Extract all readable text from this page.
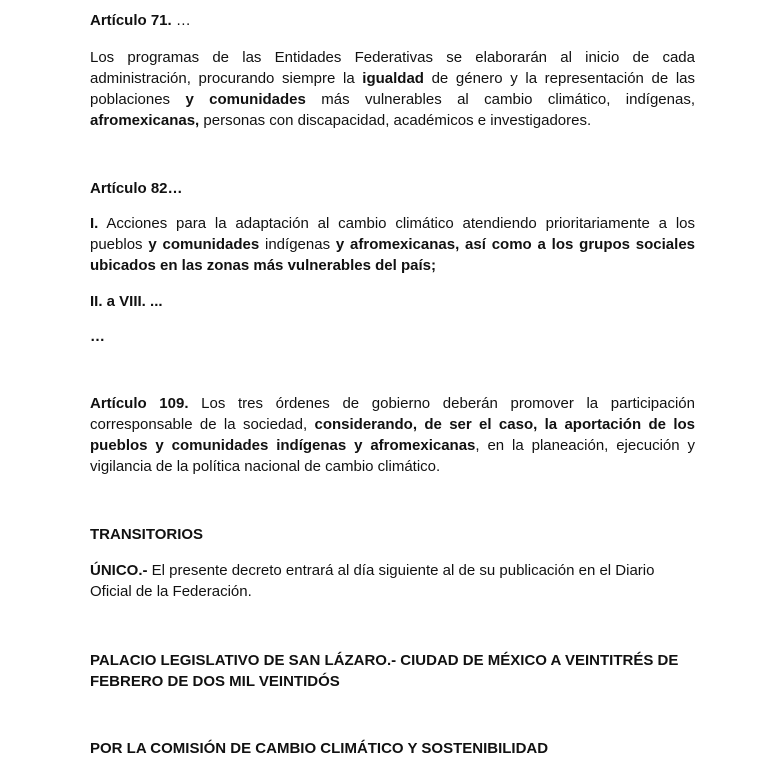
Artículo 71. …

Los programas de las Entidades Federativas se elaborarán al inicio de cada administración, procurando siempre la igualdad de género y la representación de las poblaciones y comunidades más vulnerables al cambio climático, indígenas, afromexicanas, personas con discapacidad, académicos e investigadores.

Artículo 82…

I. Acciones para la adaptación al cambio climático atendiendo prioritariamente a los pueblos y comunidades indígenas y afromexicanas, así como a los grupos sociales ubicados en las zonas más vulnerables del país;

II. a VIII. ...

…

Artículo 109. Los tres órdenes de gobierno deberán promover la participación corresponsable de la sociedad, considerando, de ser el caso, la aportación de los pueblos y comunidades indígenas y afromexicanas, en la planeación, ejecución y vigilancia de la política nacional de cambio climático.

TRANSITORIOS

ÚNICO.- El presente decreto entrará al día siguiente al de su publicación en el Diario Oficial de la Federación.

PALACIO LEGISLATIVO DE SAN LÁZARO.- CIUDAD DE MÉXICO A VEINTITRÉS DE FEBRERO DE DOS MIL VEINTIDÓS

POR LA COMISIÓN DE CAMBIO CLIMÁTICO Y SOSTENIBILIDAD
